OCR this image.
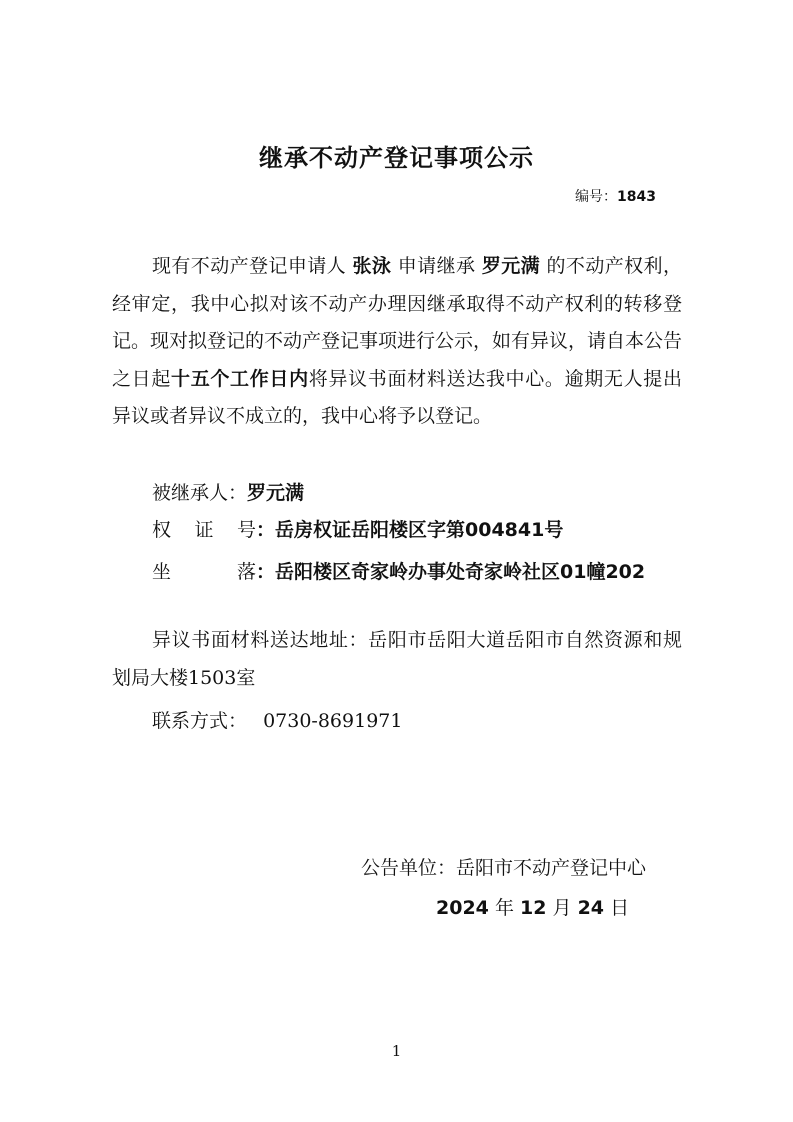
继承不动产登记事项公示
编号：1843
现有不动产登记申请人 张泳 申请继承 罗元满 的不动产权利，经审定，我中心拟对该不动产办理因继承取得不动产权利的转移登记。现对拟登记的不动产登记事项进行公示，如有异议，请自本公告之日起十五个工作日内将异议书面材料送达我中心。逾期无人提出异议或者异议不成立的，我中心将予以登记。
被继承人：罗元满
权证号：岳房权证岳阳楼区字第004841号
坐落：岳阳楼区奇家岭办事处奇家岭社区01幢202
异议书面材料送达地址：岳阳市岳阳大道岳阳市自然资源和规划局大楼1503室
联系方式： 0730-8691971
公告单位：岳阳市不动产登记中心
2024 年 12 月 24 日
1
